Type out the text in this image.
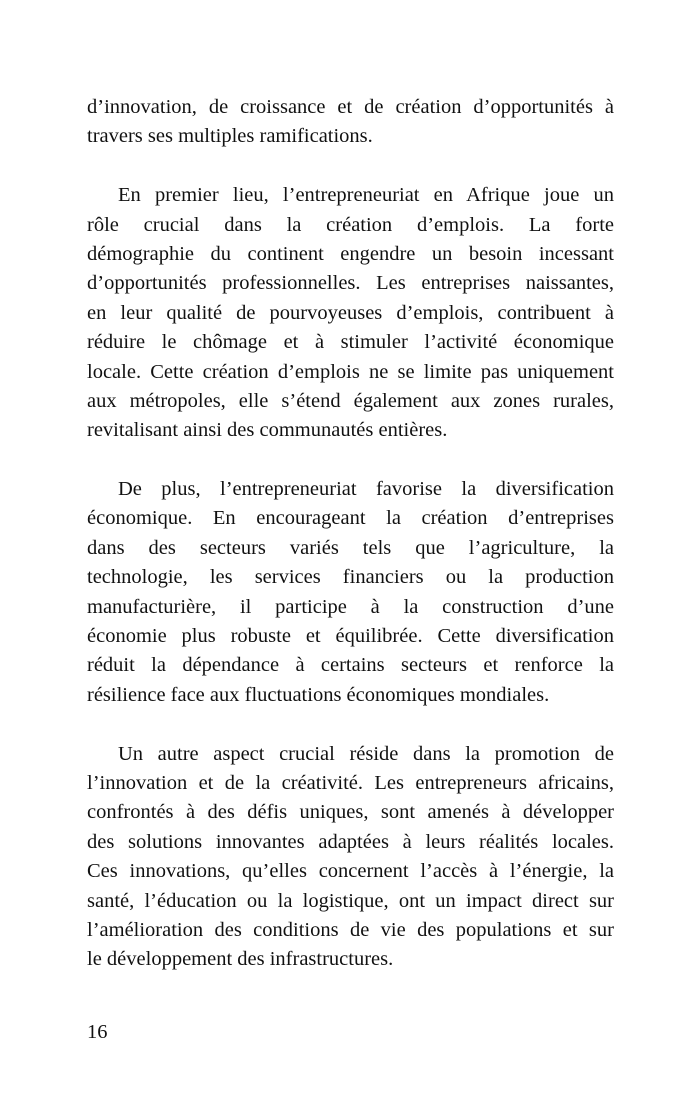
d’innovation, de croissance et de création d’opportunités à
travers ses multiples ramifications.
En premier lieu, l’entrepreneuriat en Afrique joue un
rôle crucial dans la création d’emplois. La forte
démographie du continent engendre un besoin incessant
d’opportunités professionnelles. Les entreprises naissantes,
en leur qualité de pourvoyeuses d’emplois, contribuent à
réduire le chômage et à stimuler l’activité économique
locale. Cette création d’emplois ne se limite pas uniquement
aux métropoles, elle s’étend également aux zones rurales,
revitalisant ainsi des communautés entières.
De plus, l’entrepreneuriat favorise la diversification
économique. En encourageant la création d’entreprises
dans des secteurs variés tels que l’agriculture, la
technologie, les services financiers ou la production
manufacturière, il participe à la construction d’une
économie plus robuste et équilibrée. Cette diversification
réduit la dépendance à certains secteurs et renforce la
résilience face aux fluctuations économiques mondiales.
Un autre aspect crucial réside dans la promotion de
l’innovation et de la créativité. Les entrepreneurs africains,
confrontés à des défis uniques, sont amenés à développer
des solutions innovantes adaptées à leurs réalités locales.
Ces innovations, qu’elles concernent l’accès à l’énergie, la
santé, l’éducation ou la logistique, ont un impact direct sur
l’amélioration des conditions de vie des populations et sur
le développement des infrastructures.
16
